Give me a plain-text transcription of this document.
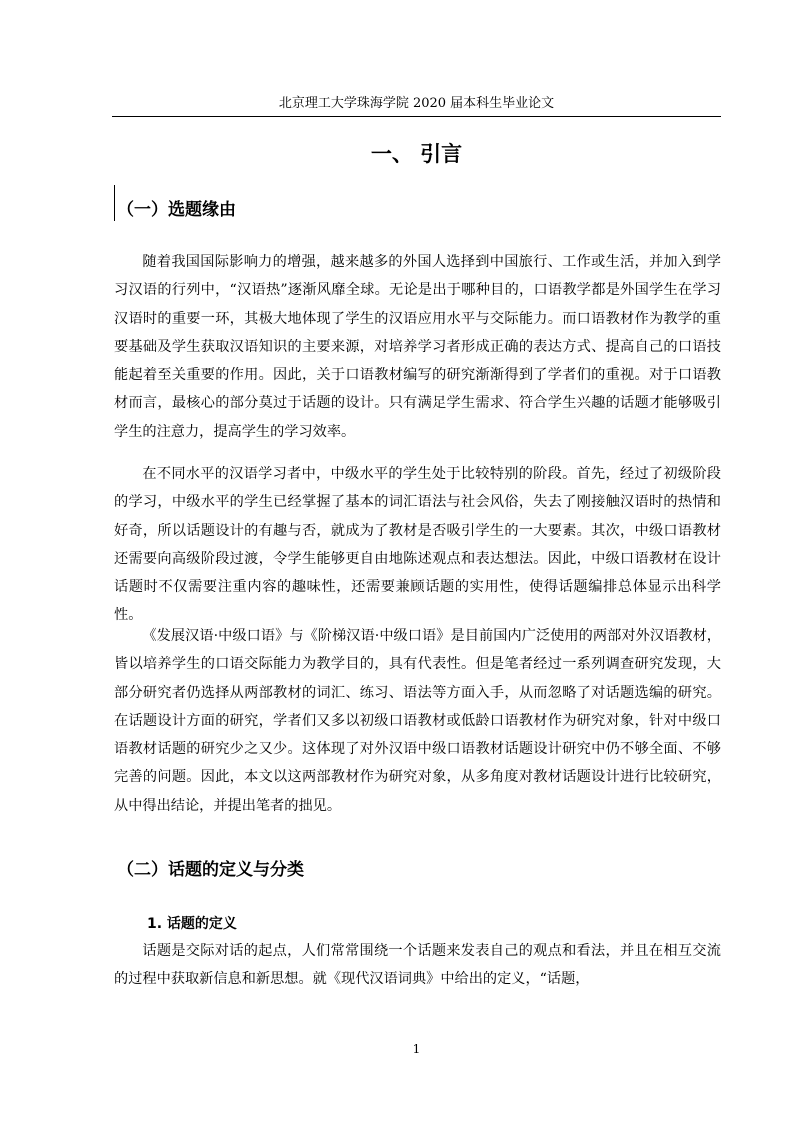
北京理工大学珠海学院 2020 届本科生毕业论文
一、 引言
（一）选题缘由

随着我国国际影响力的增强，越来越多的外国人选择到中国旅行、工作或生活，并加入到学习汉语的行列中，“汉语热”逐渐风靡全球。无论是出于哪种目的，口语教学都是外国学生在学习汉语时的重要一环，其极大地体现了学生的汉语应用水平与交际能力。而口语教材作为教学的重要基础及学生获取汉语知识的主要来源，对培养学习者形成正确的表达方式、提高自己的口语技能起着至关重要的作用。因此，关于口语教材编写的研究渐渐得到了学者们的重视。对于口语教材而言，最核心的部分莫过于话题的设计。只有满足学生需求、符合学生兴趣的话题才能够吸引学生的注意力，提高学生的学习效率。

在不同水平的汉语学习者中，中级水平的学生处于比较特别的阶段。首先，经过了初级阶段的学习，中级水平的学生已经掌握了基本的词汇语法与社会风俗，失去了刚接触汉语时的热情和好奇，所以话题设计的有趣与否，就成为了教材是否吸引学生的一大要素。其次，中级口语教材还需要向高级阶段过渡，令学生能够更自由地陈述观点和表达想法。因此，中级口语教材在设计话题时不仅需要注重内容的趣味性，还需要兼顾话题的实用性，使得话题编排总体显示出科学性。

《发展汉语·中级口语》与《阶梯汉语·中级口语》是目前国内广泛使用的两部对外汉语教材，皆以培养学生的口语交际能力为教学目的，具有代表性。但是笔者经过一系列调查研究发现，大部分研究者仍选择从两部教材的词汇、练习、语法等方面入手，从而忽略了对话题选编的研究。在话题设计方面的研究，学者们又多以初级口语教材或低龄口语教材作为研究对象，针对中级口语教材话题的研究少之又少。这体现了对外汉语中级口语教材话题设计研究中仍不够全面、不够完善的问题。因此，本文以这两部教材作为研究对象，从多角度对教材话题设计进行比较研究，从中得出结论，并提出笔者的拙见。

（二）话题的定义与分类
1. 话题的定义

话题是交际对话的起点，人们常常围绕一个话题来发表自己的观点和看法，并且在相互交流的过程中获取新信息和新思想。就《现代汉语词典》中给出的定义，“话题，

1
